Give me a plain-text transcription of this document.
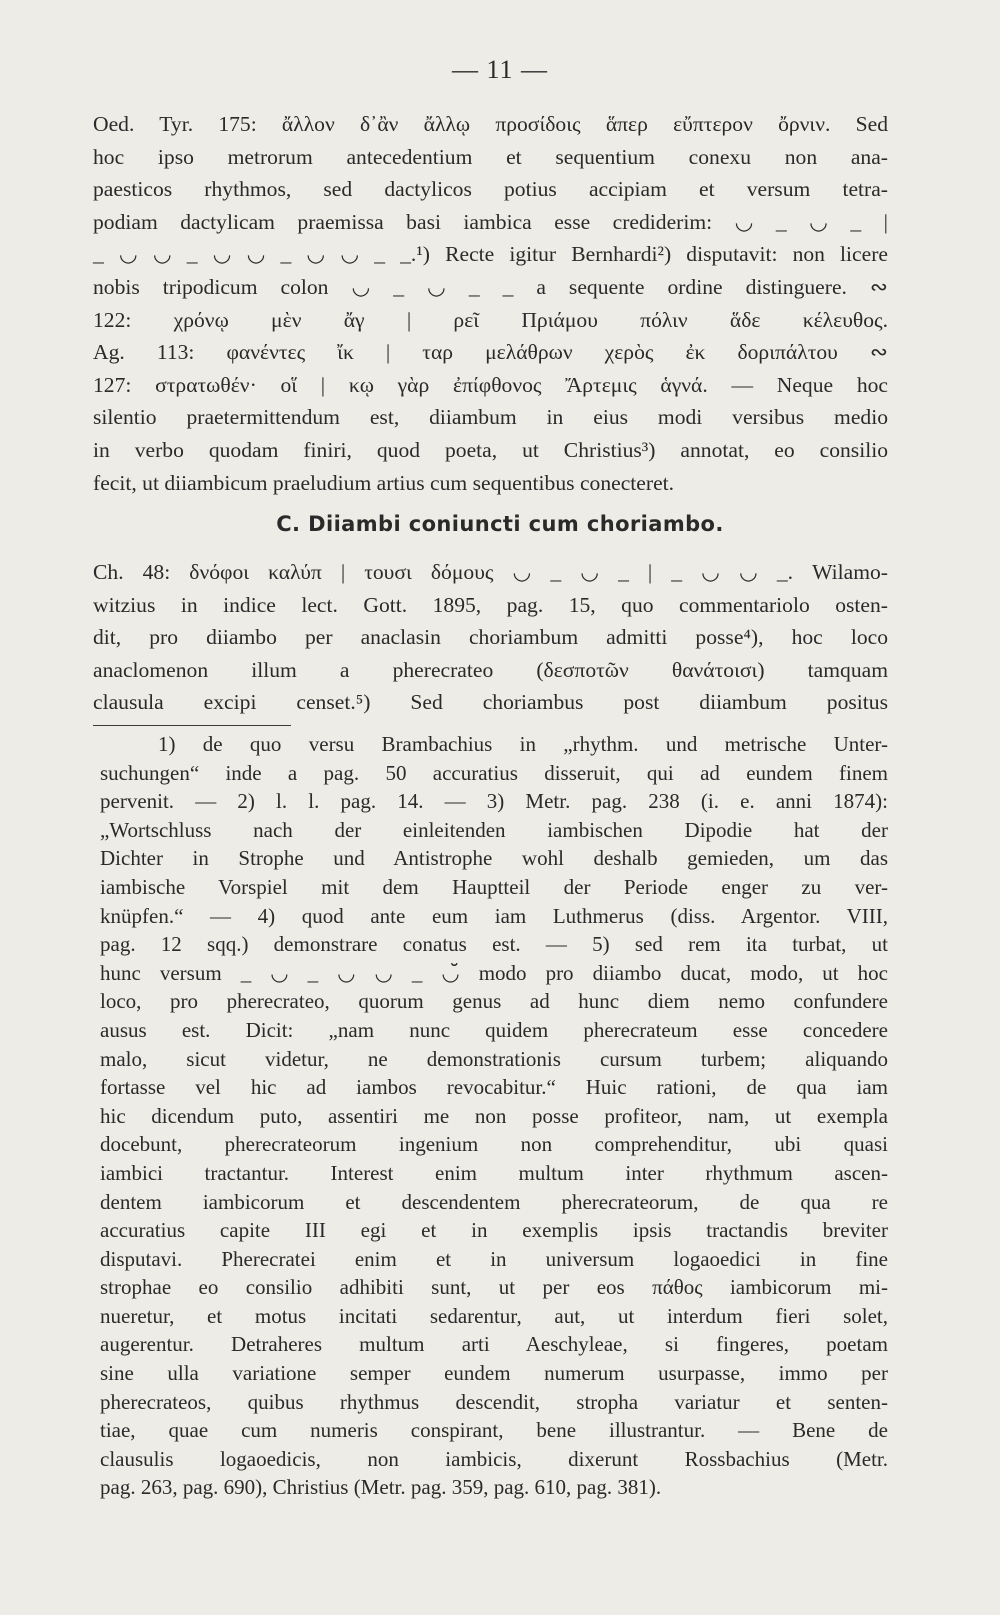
— 11 —
Oed. Tyr. 175: ἄλλον δ᾽ἂν ἄλλῳ προσίδοις ἅπερ εὔπτερον ὄρνιν. Sed
hoc ipso metrorum antecedentium et sequentium conexu non ana-
paesticos rhythmos, sed dactylicos potius accipiam et versum tetra-
podiam dactylicam praemissa basi iambica esse crediderim: ◡ _ ◡ _ |
_ ◡ ◡ _ ◡ ◡ _ ◡ ◡ _ _.¹) Recte igitur Bernhardi²) disputavit: non licere
nobis tripodicum colon ◡ _ ◡ _ _ a sequente ordine distinguere. ∾
122: χρόνῳ μὲν ἄγ | ρεῖ Πριάμου πόλιν ἅδε κέλευθος.
Ag. 113: φανέντες ἴκ | ταρ μελάθρων χερὸς ἐκ δοριπάλτου ∾
127: στρατωθέν· οἵ | κῳ γὰρ ἐπίφθονος Ἄρτεμις ἁγνά. — Neque hoc
silentio praetermittendum est, diiambum in eius modi versibus medio
in verbo quodam finiri, quod poeta, ut Christius³) annotat, eo consilio
fecit, ut diiambicum praeludium artius cum sequentibus conecteret.
C. Diiambi coniuncti cum choriambo.
Ch. 48: δνόφοι καλύπ | τουσι δόμους ◡ _ ◡ _ | _ ◡ ◡ _. Wilamo-
witzius in indice lect. Gott. 1895, pag. 15, quo commentariolo osten-
dit, pro diiambo per anaclasin choriambum admitti posse⁴), hoc loco
anaclomenon illum a pherecrateo (δεσποτῶν θανάτοισι) tamquam
clausula excipi censet.⁵) Sed choriambus post diiambum positus
1) de quo versu Brambachius in „rhythm. und metrische Unter-
suchungen“ inde a pag. 50 accuratius disseruit, qui ad eundem finem
pervenit. — 2) l. l. pag. 14. — 3) Metr. pag. 238 (i. e. anni 1874):
„Wortschluss nach der einleitenden iambischen Dipodie hat der
Dichter in Strophe und Antistrophe wohl deshalb gemieden, um das
iambische Vorspiel mit dem Hauptteil der Periode enger zu ver-
knüpfen.“ — 4) quod ante eum iam Luthmerus (diss. Argentor. VIII,
pag. 12 sqq.) demonstrare conatus est. — 5) sed rem ita turbat, ut
hunc versum _ ◡ _ ◡ ◡ _ ◡̆ modo pro diiambo ducat, modo, ut hoc
loco, pro pherecrateo, quorum genus ad hunc diem nemo confundere
ausus est. Dicit: „nam nunc quidem pherecrateum esse concedere
malo, sicut videtur, ne demonstrationis cursum turbem; aliquando
fortasse vel hic ad iambos revocabitur.“ Huic rationi, de qua iam
hic dicendum puto, assentiri me non posse profiteor, nam, ut exempla
docebunt, pherecrateorum ingenium non comprehenditur, ubi quasi
iambici tractantur. Interest enim multum inter rhythmum ascen-
dentem iambicorum et descendentem pherecrateorum, de qua re
accuratius capite III egi et in exemplis ipsis tractandis breviter
disputavi. Pherecratei enim et in universum logaoedici in fine
strophae eo consilio adhibiti sunt, ut per eos πάθος iambicorum mi-
nueretur, et motus incitati sedarentur, aut, ut interdum fieri solet,
augerentur. Detraheres multum arti Aeschyleae, si fingeres, poetam
sine ulla variatione semper eundem numerum usurpasse, immo per
pherecrateos, quibus rhythmus descendit, stropha variatur et senten-
tiae, quae cum numeris conspirant, bene illustrantur. — Bene de
clausulis logaoedicis, non iambicis, dixerunt Rossbachius (Metr.
pag. 263, pag. 690), Christius (Metr. pag. 359, pag. 610, pag. 381).
